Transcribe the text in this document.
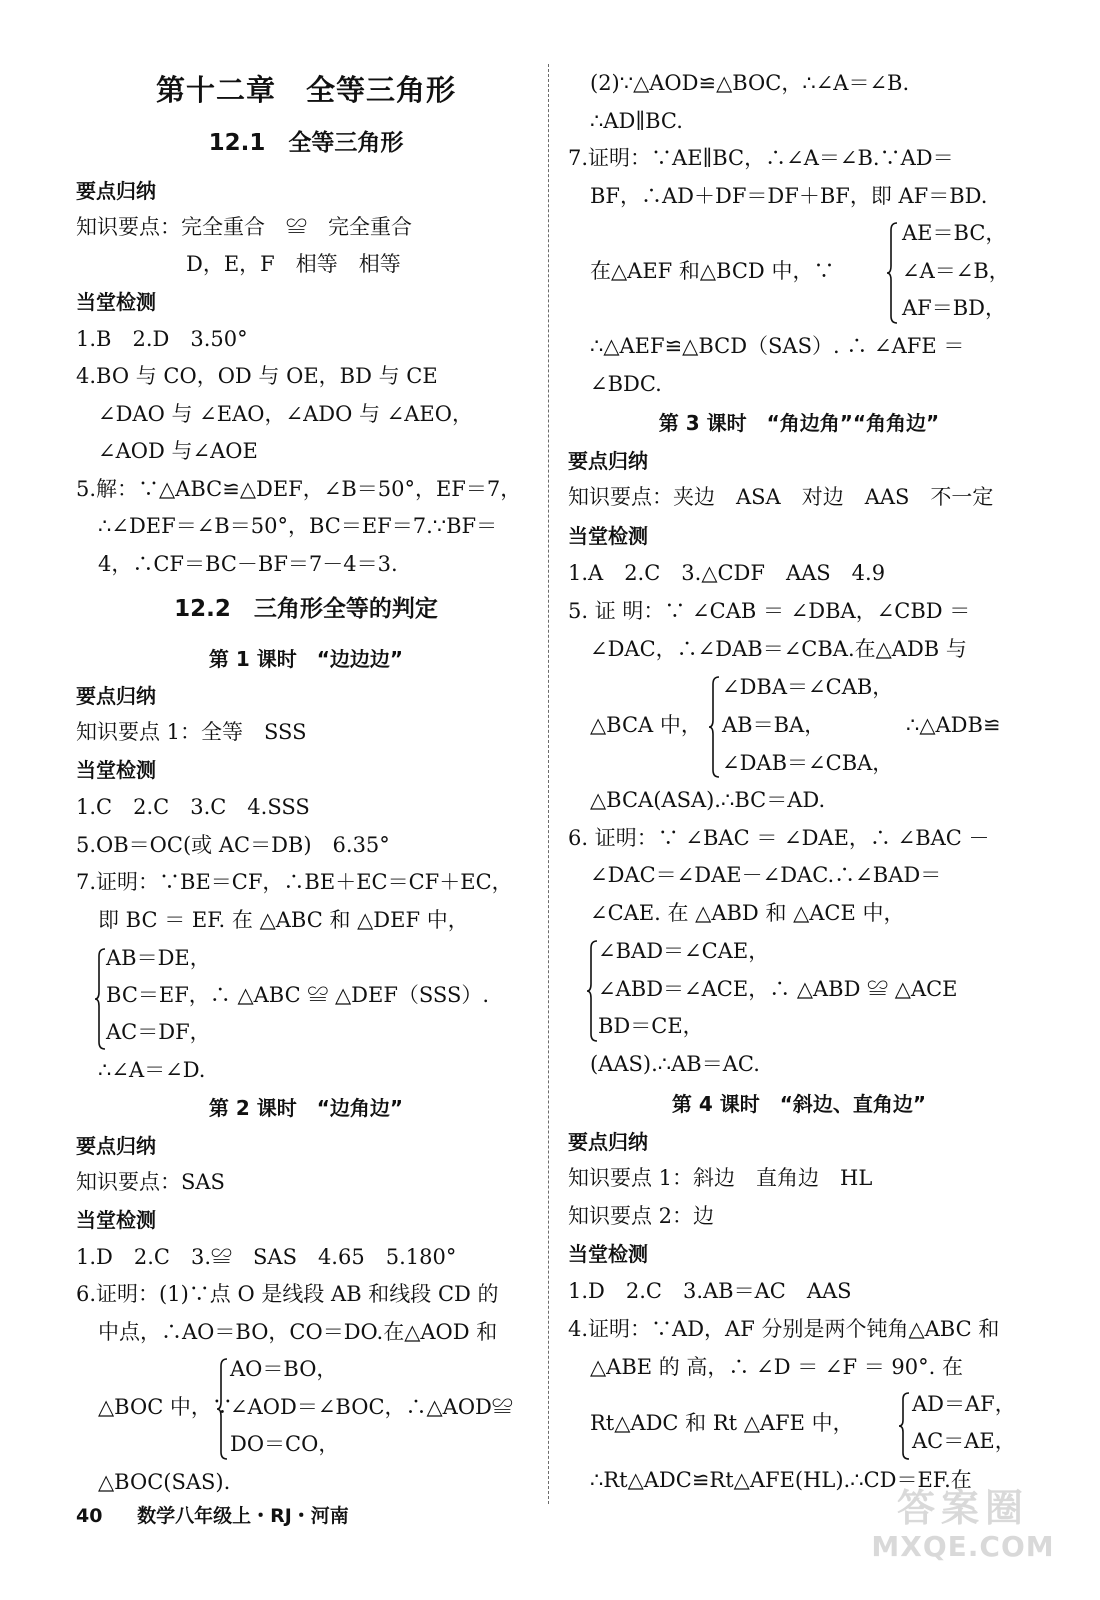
第十二章　全等三角形
12.1　全等三角形
要点归纳
知识要点：完全重合　≌　完全重合
D，E，F　相等　相等
当堂检测
1.B　2.D　3.50°
4.BO 与 CO，OD 与 OE，BD 与 CE
∠DAO 与 ∠EAO，∠ADO 与 ∠AEO，
∠AOD 与∠AOE
5.解：∵△ABC≌△DEF，∠B＝50°，EF＝7，
∴∠DEF＝∠B＝50°，BC＝EF＝7.∵BF＝
4，∴CF＝BC－BF＝7－4＝3.
12.2　三角形全等的判定
第 1 课时　“边边边”
要点归纳
知识要点 1：全等　SSS
当堂检测
1.C　2.C　3.C　4.SSS
5.OB＝OC(或 AC＝DB)　6.35°
7.证明：∵BE＝CF，∴BE＋EC＝CF＋EC，
即 BC ＝ EF. 在 △ABC 和 △DEF 中，
AB＝DE，
BC＝EF，∴ △ABC ≌ △DEF（SSS）.
AC＝DF，
∴∠A＝∠D.
第 2 课时　“边角边”
要点归纳
知识要点：SAS
当堂检测
1.D　2.C　3.≌　SAS　4.65　5.180°
6.证明：(1)∵点 O 是线段 AB 和线段 CD 的
中点，∴AO＝BO，CO＝DO.在△AOD 和
△BOC 中，∵
AO＝BO，
∠AOD＝∠BOC，∴△AOD≌
DO＝CO，
△BOC(SAS).
(2)∵△AOD≌△BOC，∴∠A＝∠B.
∴AD∥BC.
7.证明：∵AE∥BC，∴∠A＝∠B.∵AD＝
BF，∴AD＋DF＝DF＋BF，即 AF＝BD.
在△AEF 和△BCD 中，∵
AE＝BC，
∠A＝∠B，
AF＝BD，
∴△AEF≌△BCD（SAS）. ∴ ∠AFE ＝
∠BDC.
第 3 课时　“角边角”“角角边”
要点归纳
知识要点：夹边　ASA　对边　AAS　不一定
当堂检测
1.A　2.C　3.△CDF　AAS　4.9
5. 证 明：∵ ∠CAB ＝ ∠DBA，∠CBD ＝
∠DAC，∴∠DAB＝∠CBA.在△ADB 与
△BCA 中，
∠DBA＝∠CAB，
AB＝BA，
∠DAB＝∠CBA，
∴△ADB≌
△BCA(ASA).∴BC＝AD.
6. 证明：∵ ∠BAC ＝ ∠DAE，∴ ∠BAC －
∠DAC＝∠DAE－∠DAC.∴∠BAD＝
∠CAE. 在 △ABD 和 △ACE 中，
∠BAD＝∠CAE，
∠ABD＝∠ACE，∴ △ABD ≌ △ACE
BD＝CE，
(AAS).∴AB＝AC.
第 4 课时　“斜边、直角边”
要点归纳
知识要点 1：斜边　直角边　HL
知识要点 2：边
当堂检测
1.D　2.C　3.AB＝AC　AAS
4.证明：∵AD，AF 分别是两个钝角△ABC 和
△ABE 的 高，∴ ∠D ＝ ∠F ＝ 90°. 在
Rt△ADC 和 Rt △AFE 中，
AD＝AF，
AC＝AE，
∴Rt△ADC≌Rt△AFE(HL).∴CD＝EF.在
40 数学八年级上・RJ・河南	答案圈
MXQE.COM
